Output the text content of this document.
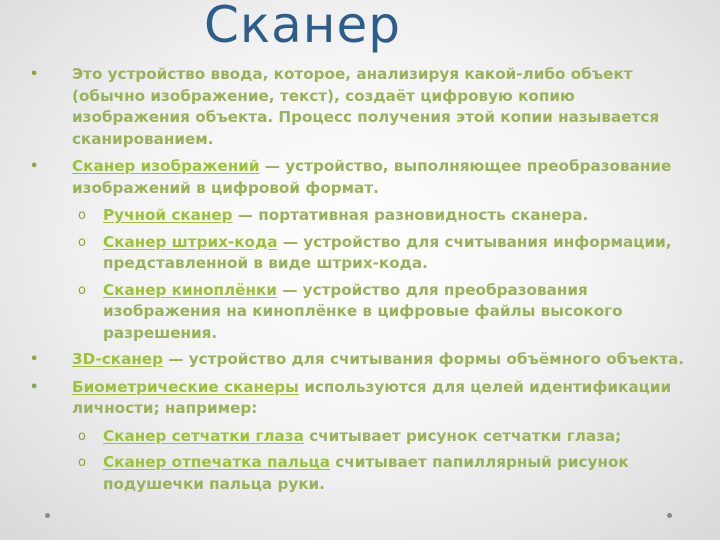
Сканер
• Это устройство ввода, которое, анализируя какой-либо объект (обычно изображение, текст), создаёт цифровую копию изображения объекта. Процесс получения этой копии называется сканированием.
• Сканер изображений — устройство, выполняющее преобразование изображений в цифровой формат.
o Ручной сканер — портативная разновидность сканера.
o Сканер штрих-кода — устройство для считывания информации, представленной в виде штрих-кода.
o Сканер киноплёнки — устройство для преобразования изображения на киноплёнке в цифровые файлы высокого разрешения.
• 3D-сканер — устройство для считывания формы объёмного объекта.
• Биометрические сканеры используются для целей идентификации личности; например:
o Сканер сетчатки глаза считывает рисунок сетчатки глаза;
o Сканер отпечатка пальца считывает папиллярный рисунок подушечки пальца руки.
